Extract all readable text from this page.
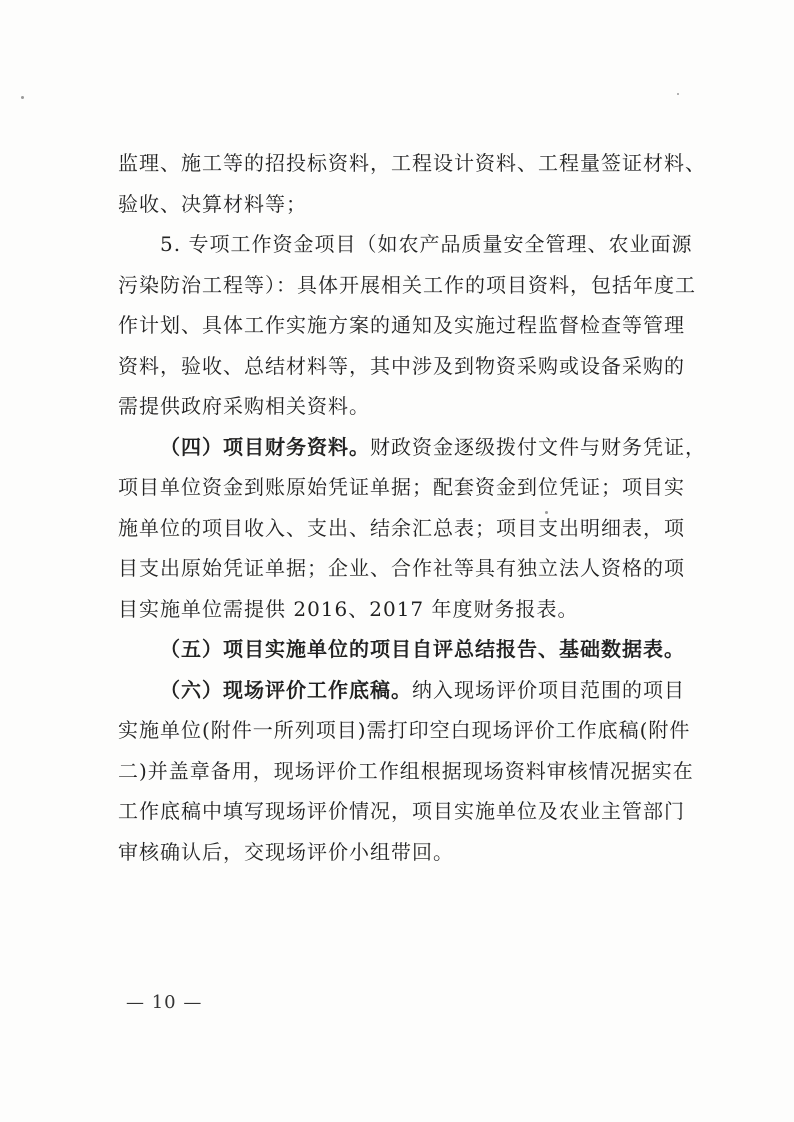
监理、施工等的招投标资料，工程设计资料、工程量签证材料、
验收、决算材料等；
5. 专项工作资金项目（如农产品质量安全管理、农业面源
污染防治工程等）：具体开展相关工作的项目资料，包括年度工
作计划、具体工作实施方案的通知及实施过程监督检查等管理
资料，验收、总结材料等，其中涉及到物资采购或设备采购的
需提供政府采购相关资料。
（四）项目财务资料。财政资金逐级拨付文件与财务凭证，
项目单位资金到账原始凭证单据；配套资金到位凭证；项目实
施单位的项目收入、支出、结余汇总表；项目支出明细表，项
目支出原始凭证单据；企业、合作社等具有独立法人资格的项
目实施单位需提供 2016、2017 年度财务报表。
（五）项目实施单位的项目自评总结报告、基础数据表。
（六）现场评价工作底稿。纳入现场评价项目范围的项目
实施单位(附件一所列项目)需打印空白现场评价工作底稿(附件
二)并盖章备用，现场评价工作组根据现场资料审核情况据实在
工作底稿中填写现场评价情况，项目实施单位及农业主管部门
审核确认后，交现场评价小组带回。
— 10 —
